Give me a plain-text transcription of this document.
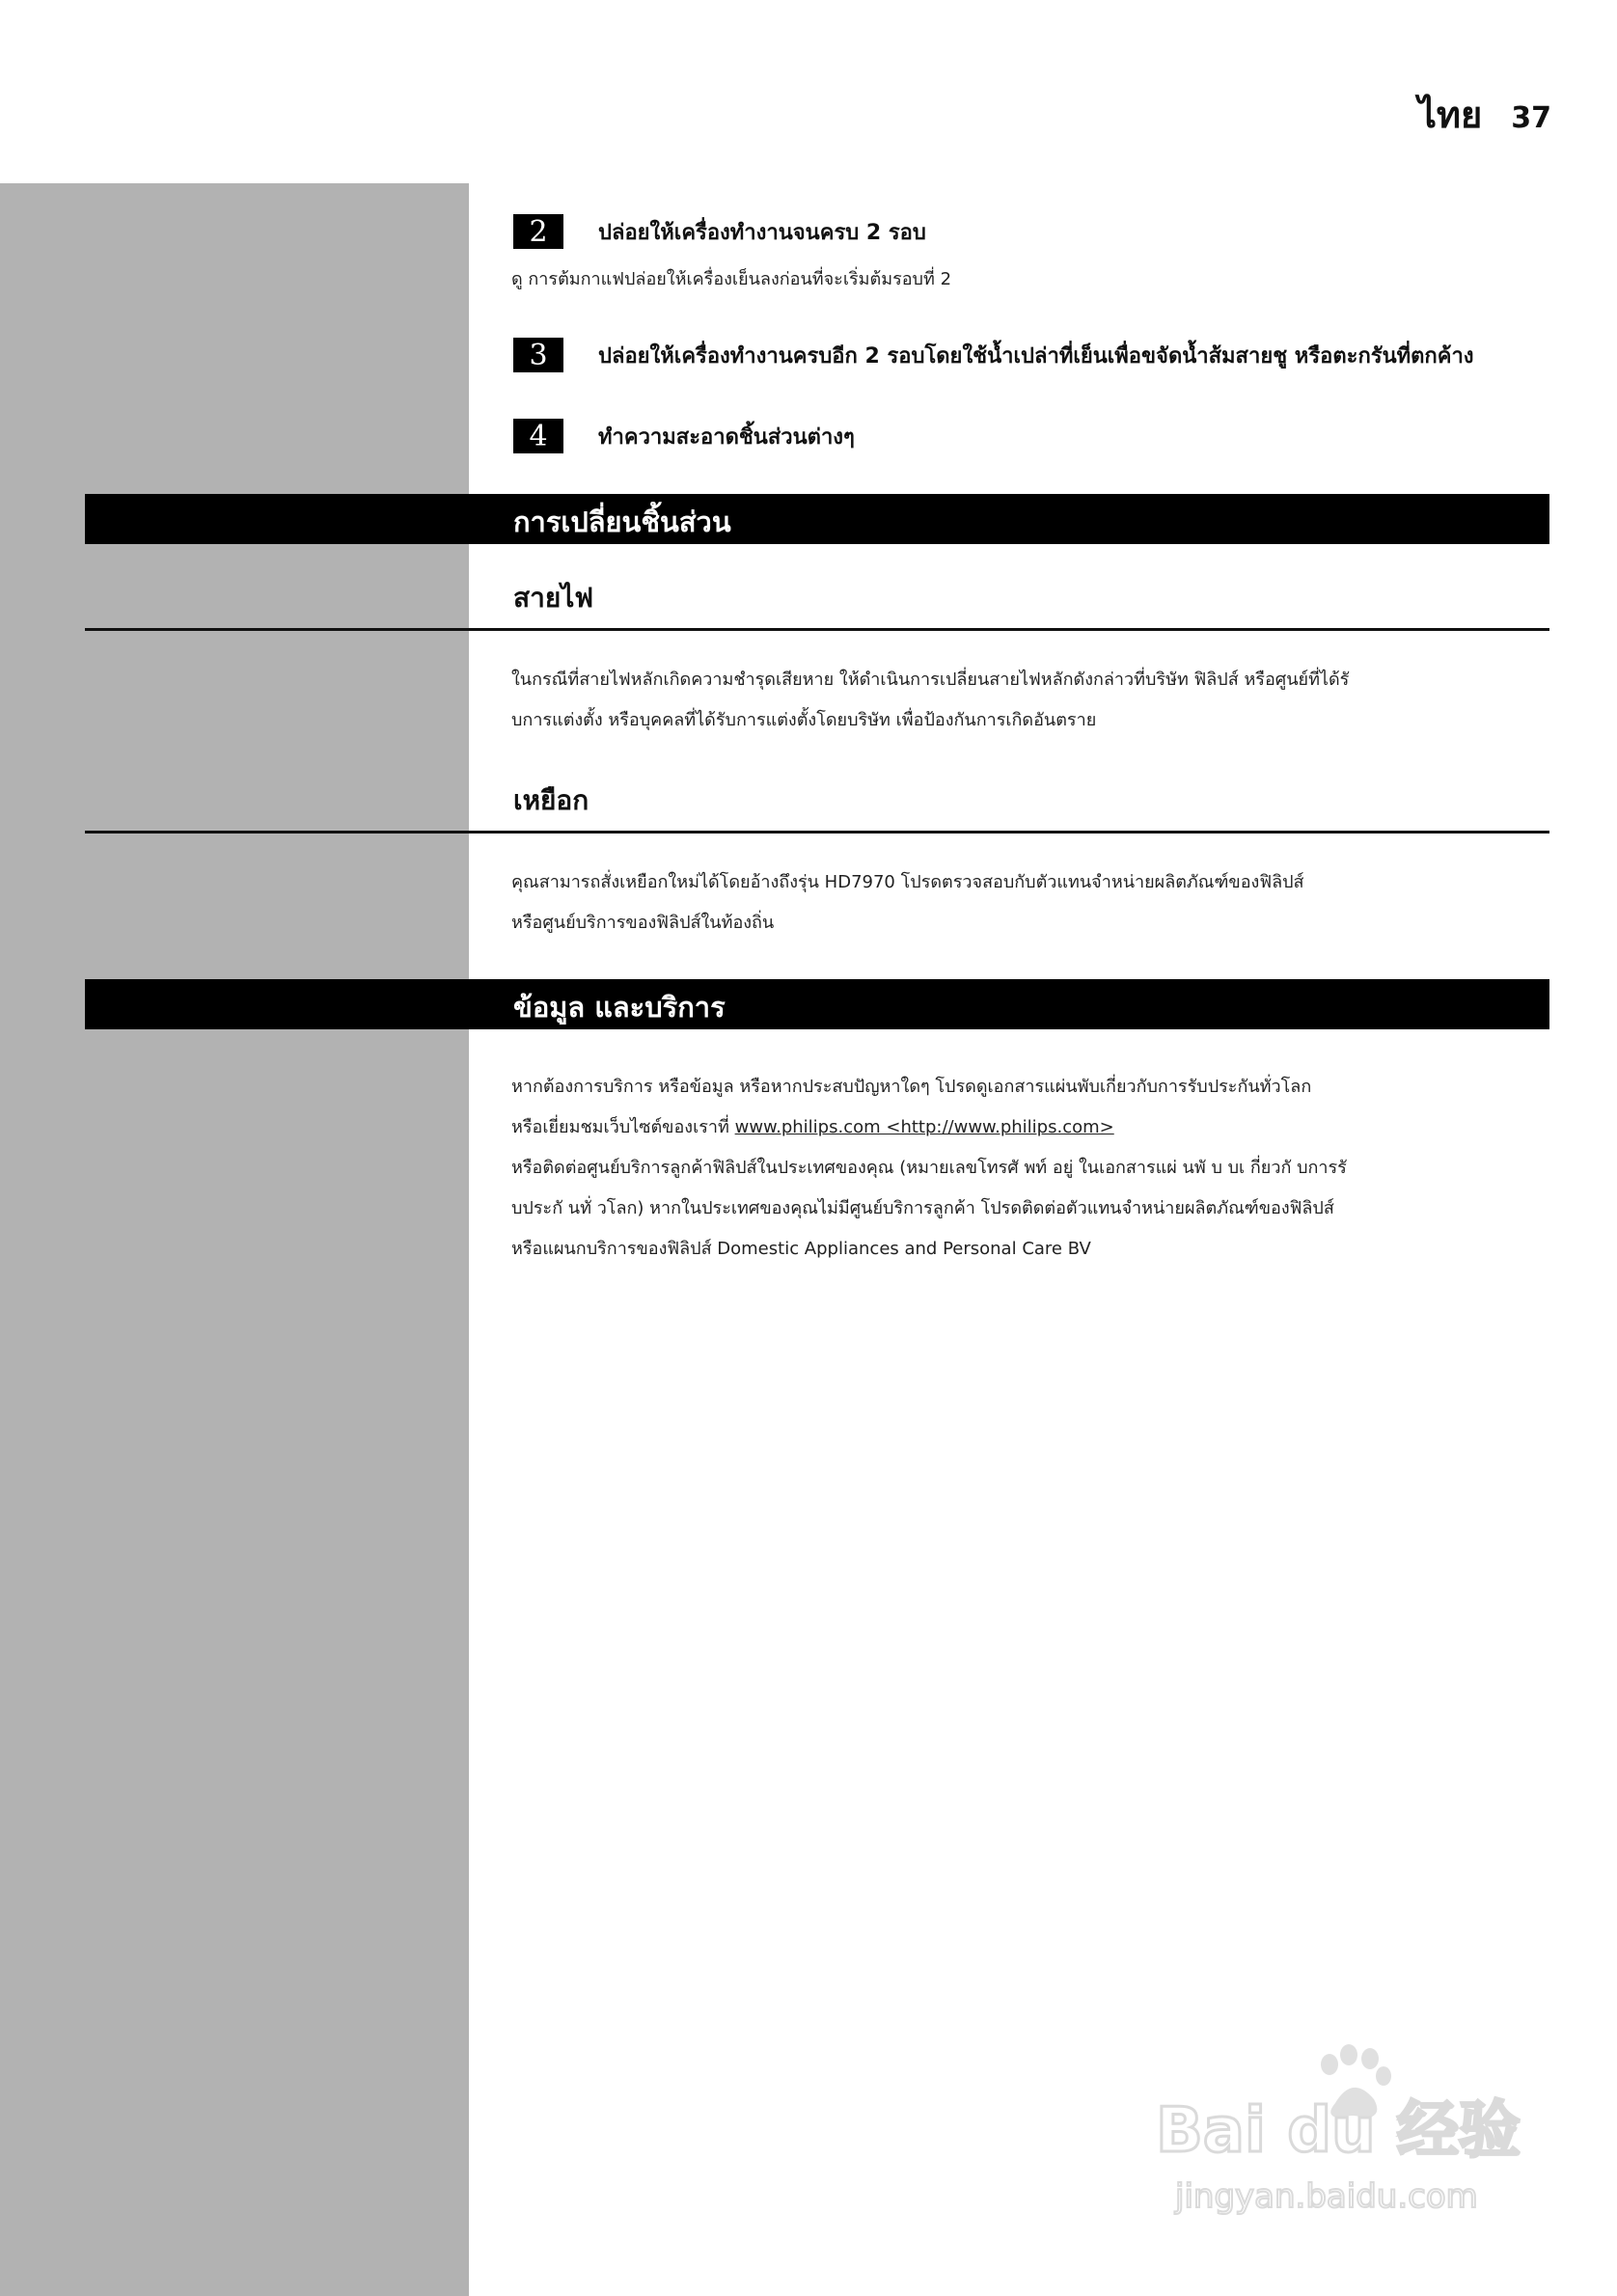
ไทย 37
2	ปล่อยให้เครื่องทำงานจนครบ 2 รอบ
ดู การต้มกาแฟปล่อยให้เครื่องเย็นลงก่อนที่จะเริ่มต้มรอบที่ 2
3	ปล่อยให้เครื่องทำงานครบอีก 2 รอบโดยใช้น้ำเปล่าที่เย็นเพื่อขจัดน้ำส้มสายชู หรือตะกรันที่ตกค้าง
4	ทำความสะอาดชิ้นส่วนต่างๆ
การเปลี่ยนชิ้นส่วน
สายไฟ

ในกรณีที่สายไฟหลักเกิดความชำรุดเสียหาย ให้ดำเนินการเปลี่ยนสายไฟหลักดังกล่าวที่บริษัท ฟิลิปส์ หรือศูนย์ที่ได้รั

บการแต่งตั้ง หรือบุคคลที่ได้รับการแต่งตั้งโดยบริษัท เพื่อป้องกันการเกิดอันตราย

เหยือก

คุณสามารถสั่งเหยือกใหม่ได้โดยอ้างถึงรุ่น HD7970 โปรดตรวจสอบกับตัวแทนจำหน่ายผลิตภัณฑ์ของฟิลิปส์

หรือศูนย์บริการของฟิลิปส์ในท้องถิ่น

ข้อมูล และบริการ

หากต้องการบริการ หรือข้อมูล หรือหากประสบปัญหาใดๆ โปรดดูเอกสารแผ่นพับเกี่ยวกับการรับประกันทั่วโลก

หรือเยี่ยมชมเว็บไซต์ของเราที่ www.philips.com <http://www.philips.com>

หรือติดต่อศูนย์บริการลูกค้าฟิลิปส์ในประเทศของคุณ (หมายเลขโทรศั พท์ อยู่ ในเอกสารแผ่ นพั บ บเ กี่ยวกั บการรั

บประกั นทั่ วโลก) หากในประเทศของคุณไม่มีศูนย์บริการลูกค้า โปรดติดต่อตัวแทนจำหน่ายผลิตภัณฑ์ของฟิลิปส์

หรือแผนกบริการของฟิลิปส์ Domestic Appliances and Personal Care BV

Bai du 经验
jingyan.baidu.com
